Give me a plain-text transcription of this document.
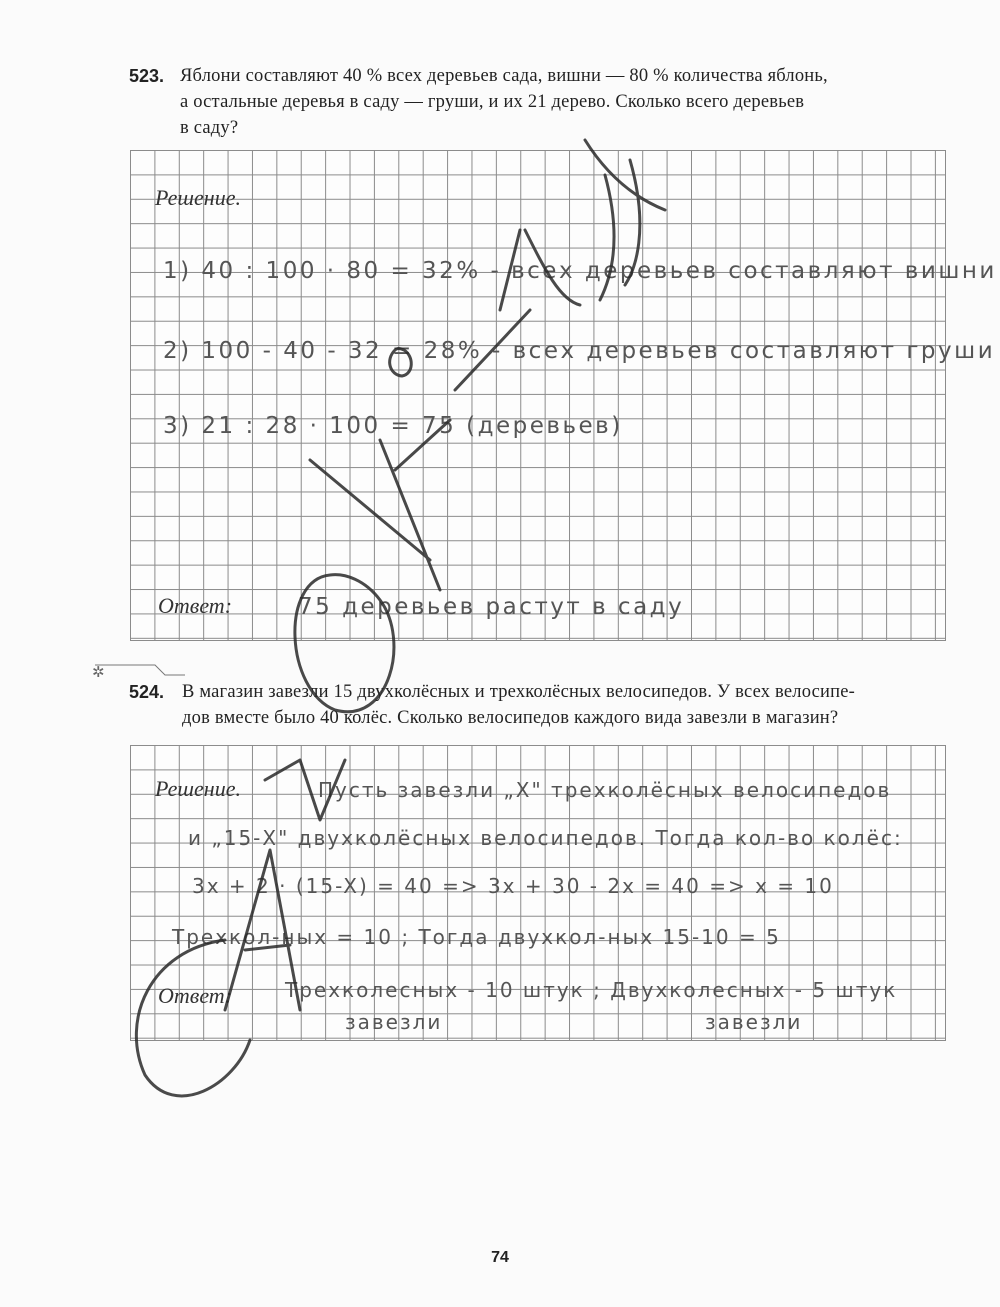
523. Яблони составляют 40 % всех деревьев сада, вишни — 80 % количества яблонь,
а остальные деревья в саду — груши, и их 21 дерево. Сколько всего деревьев
в саду?
Решение.
1) 40 : 100 · 80 = 32% - всех деревьев составляют вишни
2) 100 - 40 - 32 = 28% - всех деревьев составляют груши
3) 21 : 28 · 100 = 75 (деревьев)
Ответ:	75 деревьев растут в саду
✲
524. В магазин завезли 15 двухколёсных и трехколёсных велосипедов. У всех велосипе-
дов вместе было 40 колёс. Сколько велосипедов каждого вида завезли в магазин?
Решение.	Пусть завезли „X" трехколёсных велосипедов
и „15-X" двухколёсных велосипедов. Тогда кол-во колёс:
3x + 2 · (15-X) = 40 => 3x + 30 - 2x = 40 => x = 10
Трехкол-ных = 10 ; Тогда двухкол-ных 15-10 = 5
Ответ:	Трехколесных - 10 штук ; Двухколесных - 5 штук
завезли	завезли
74
